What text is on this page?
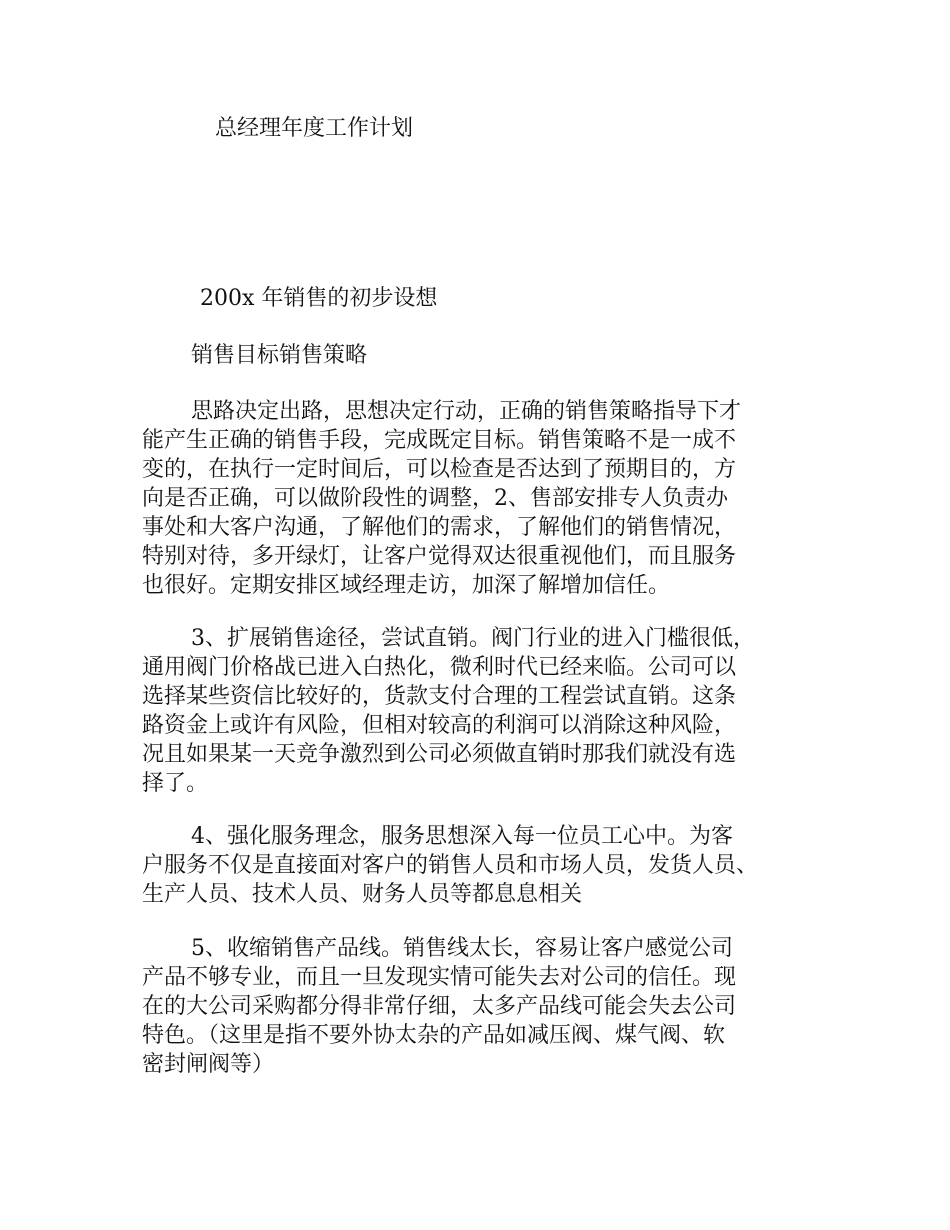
总经理年度工作计划
200x 年销售的初步设想
销售目标销售策略
思路决定出路，思想决定行动，正确的销售策略指导下才
能产生正确的销售手段，完成既定目标。销售策略不是一成不
变的，在执行一定时间后，可以检查是否达到了预期目的，方
向是否正确，可以做阶段性的调整，2、售部安排专人负责办
事处和大客户沟通，了解他们的需求，了解他们的销售情况，
特别对待，多开绿灯，让客户觉得双达很重视他们，而且服务
也很好。定期安排区域经理走访，加深了解增加信任。
3、扩展销售途径，尝试直销。阀门行业的进入门槛很低，
通用阀门价格战已进入白热化，微利时代已经来临。公司可以
选择某些资信比较好的，货款支付合理的工程尝试直销。这条
路资金上或许有风险，但相对较高的利润可以消除这种风险，
况且如果某一天竞争激烈到公司必须做直销时那我们就没有选
择了。
4、强化服务理念，服务思想深入每一位员工心中。为客
户服务不仅是直接面对客户的销售人员和市场人员，发货人员、
生产人员、技术人员、财务人员等都息息相关
5、收缩销售产品线。销售线太长，容易让客户感觉公司
产品不够专业，而且一旦发现实情可能失去对公司的信任。现
在的大公司采购都分得非常仔细，太多产品线可能会失去公司
特色。（这里是指不要外协太杂的产品如减压阀、煤气阀、软
密封闸阀等）
